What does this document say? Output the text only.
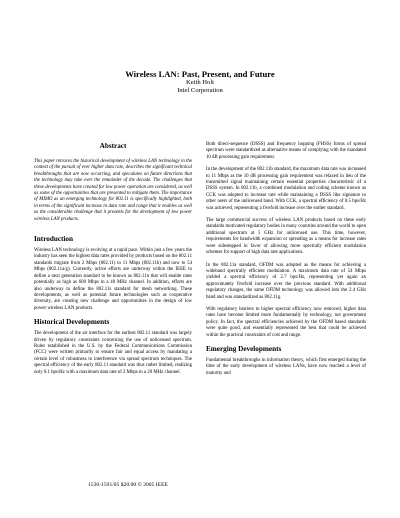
Wireless LAN: Past, Present, and Future
Keith Holt
Intel Corporation
Abstract

This paper retraces the historical development of wireless LAN technology in the context of the pursuit of ever higher data rate, describes the significant technical breakthroughs that are now occurring, and speculates on future directions that the technology may take over the remainder of the decade. The challenges that these developments have created for low power operation are considered, as well as some of the opportunities that are presented to mitigate them. The importance of MIMO as an emerging technology for 802.11 is specifically highlighted, both in terms of the significant increase in data rate and range that it enables as well as the considerable challenge that it presents for the development of low power wireless LAN products.

Introduction

Wireless LAN technology is evolving at a rapid pace. Within just a few years the industry has seen the highest data rates provided by products based on the 802.11 standards migrate from 2 Mbps (802.11) to 11 Mbps (802.11b) and now to 54 Mbps (802.11a/g). Currently, active efforts are underway within the IEEE to define a next generation standard to be known as 802.11n that will enable rates potentially as high as 600 Mbps in a 40 MHz channel. In addition, efforts are also underway to define the 802.11s standard for mesh networking. These developments, as well as potential future technologies such as cooperative diversity, are creating new challenge and opportunities in the design of low power wireless LAN products.

Historical Developments

The development of the air interface for the earliest 802.11 standard was largely driven by regulatory constraints concerning the use of unlicensed spectrum. Rules established in the U.S. by the Federal Communications Commission (FCC) were written primarily to ensure fair and equal access by mandating a certain level of robustness to interference via spread spectrum techniques. The spectral efficiency of the early 802.11 standard was thus rather limited, realizing only 0.1 bps/Hz with a maximum data rate of 2 Mbps in a 20 MHz channel.

Both direct-sequence (DSSS) and frequency hopping (FHSS) forms of spread spectrum were standardized as alternative means of complying with the mandated 10 dB processing gain requirement.

In the development of the 802.11b standard, the maximum data rate was increased to 11 Mbps as the 10 dB processing gain requirement was relaxed in lieu of the transmitted signal maintaining certain essential properties characteristic of a DSSS system. In 802.11b, a combined modulation and coding scheme known as CCK was adopted to increase rate while maintaining a DSSS like signature to other users of the unlicensed band. With CCK, a spectral efficiency of 0.5 bps/Hz was achieved, representing a fivefold increase over the earlier standard.

The large commercial success of wireless LAN products based on these early standards motivated regulatory bodies in many countries around the world to open additional spectrum at 5 GHz for unlicensed use. This time, however, requirements for bandwidth expansion or spreading as a means for increase rates were sidestepped in favor of allowing more spectrally efficient modulation schemes for support of high data rate applications.

In the 802.11a standard, OFDM was adopted as the means for achieving a wideband spectrally efficient modulation. A maximum data rate of 54 Mbps yielded a spectral efficiency of 2.7 bps/Hz, representing yet again an approximately fivefold increase over the previous standard. With additional regulatory changes, the same OFDM technology was allowed into the 2.4 GHz band and was standardized as 802.11g.

With regulatory barriers to higher spectral efficiency now removed, higher data rates have become limited more fundamentally by technology, not government policy. In fact, the spectral efficiencies achieved by the OFDM based standards were quite good, and essentially represented the best that could be achieved within the practical constraints of cost and range.

Emerging Developments

Fundamental breakthroughs in information theory, which first emerged during the time of the early development of wireless LANs, have now reached a level of maturity and

1530-1591/05 $20.00 © 2005 IEEE
